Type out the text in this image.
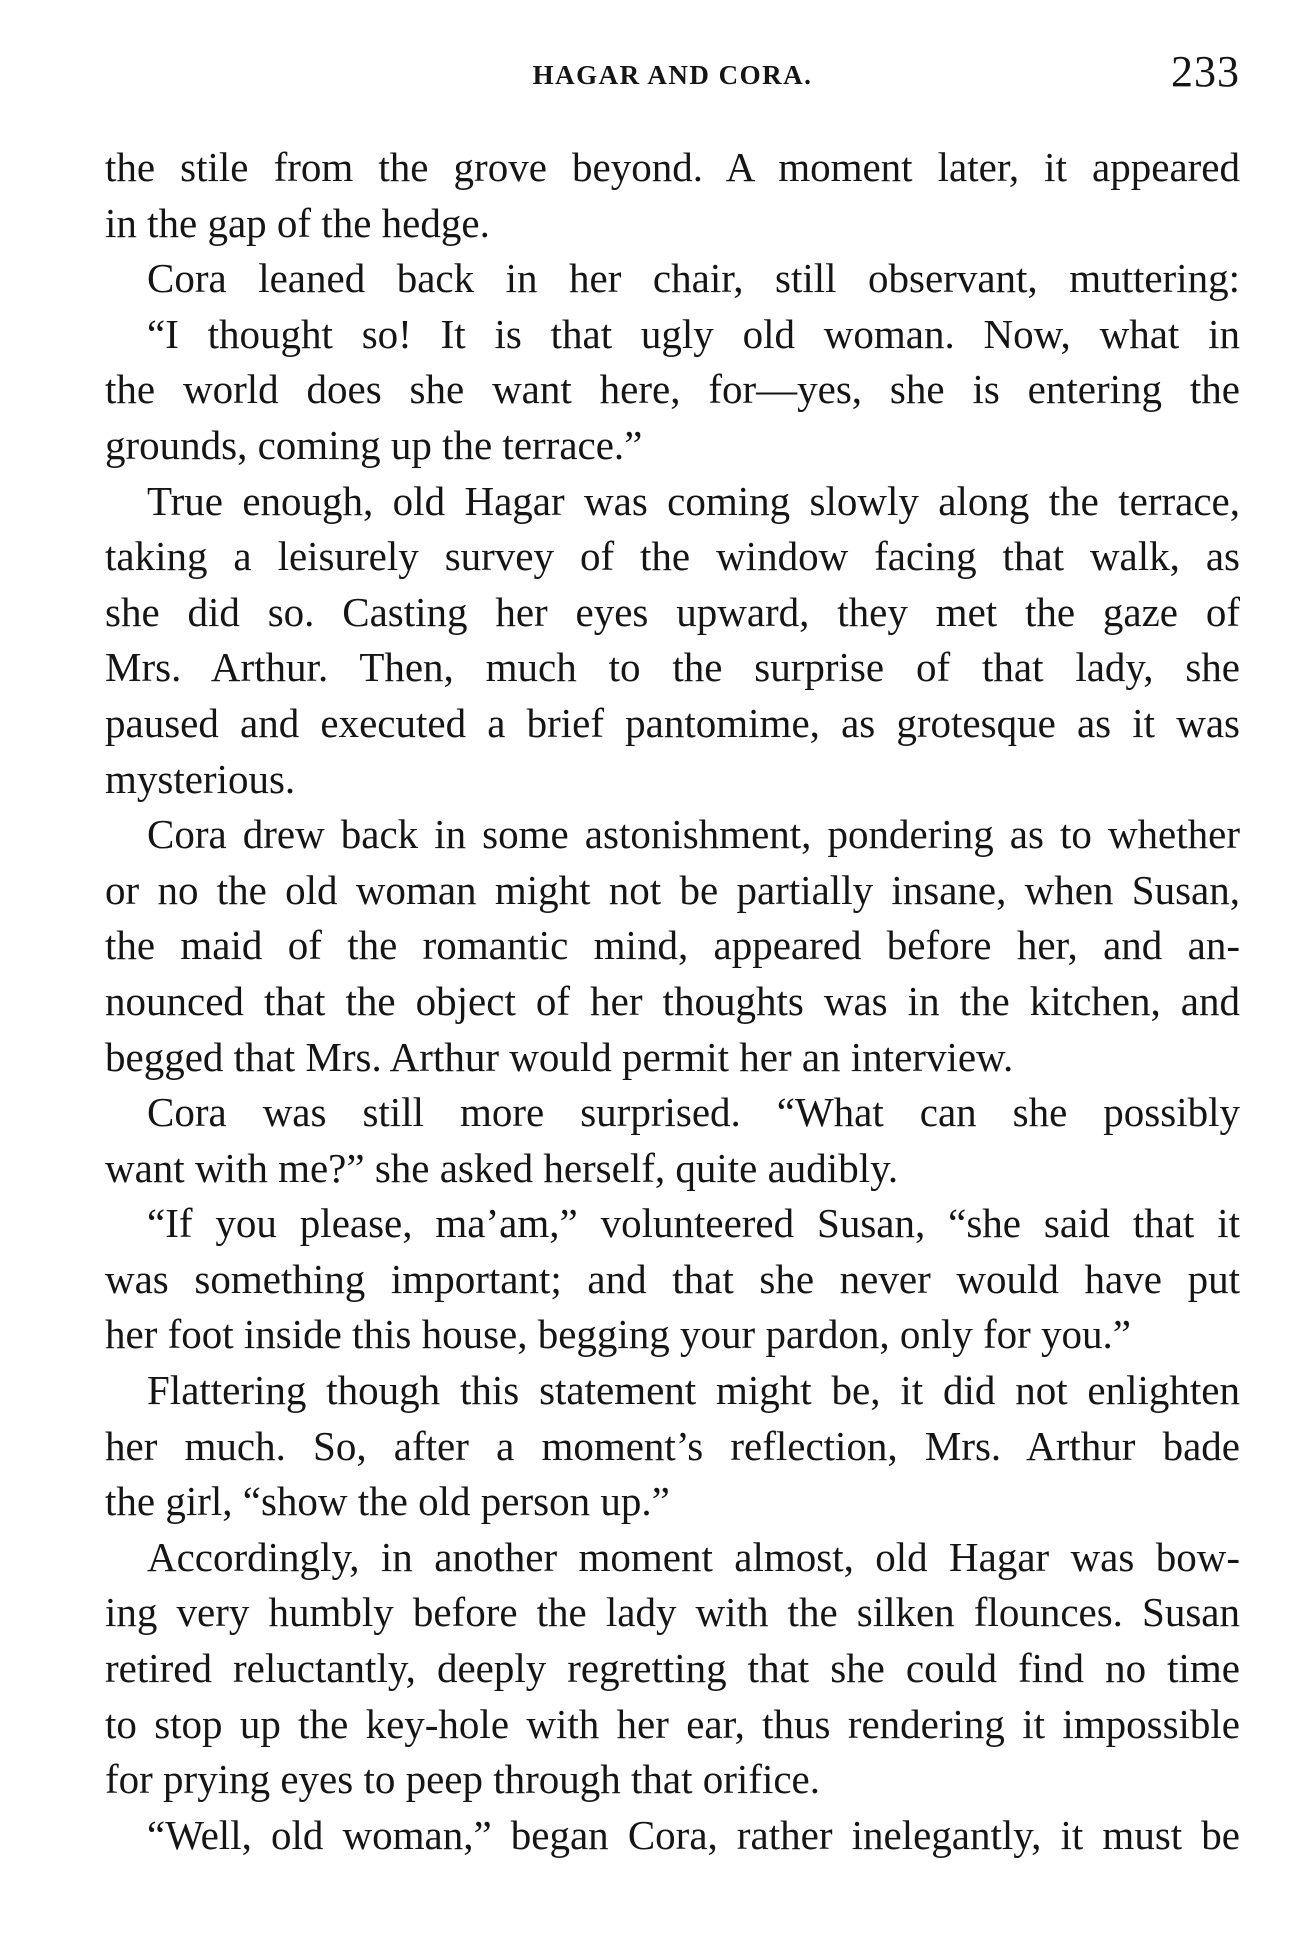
HAGAR AND CORA.	233
the stile from the grove beyond. A moment later, it appeared
in the gap of the hedge.
Cora leaned back in her chair, still observant, muttering:
“I thought so! It is that ugly old woman. Now, what in
the world does she want here, for—yes, she is entering the
grounds, coming up the terrace.”
True enough, old Hagar was coming slowly along the terrace,
taking a leisurely survey of the window facing that walk, as
she did so. Casting her eyes upward, they met the gaze of
Mrs. Arthur. Then, much to the surprise of that lady, she
paused and executed a brief pantomime, as grotesque as it was
mysterious.
Cora drew back in some astonishment, pondering as to whether
or no the old woman might not be partially insane, when Susan,
the maid of the romantic mind, appeared before her, and an-
nounced that the object of her thoughts was in the kitchen, and
begged that Mrs. Arthur would permit her an interview.
Cora was still more surprised. “What can she possibly
want with me?” she asked herself, quite audibly.
“If you please, ma’am,” volunteered Susan, “she said that it
was something important; and that she never would have put
her foot inside this house, begging your pardon, only for you.”
Flattering though this statement might be, it did not enlighten
her much. So, after a moment’s reflection, Mrs. Arthur bade
the girl, “show the old person up.”
Accordingly, in another moment almost, old Hagar was bow-
ing very humbly before the lady with the silken flounces. Susan
retired reluctantly, deeply regretting that she could find no time
to stop up the key-hole with her ear, thus rendering it impossible
for prying eyes to peep through that orifice.
“Well, old woman,” began Cora, rather inelegantly, it must be
